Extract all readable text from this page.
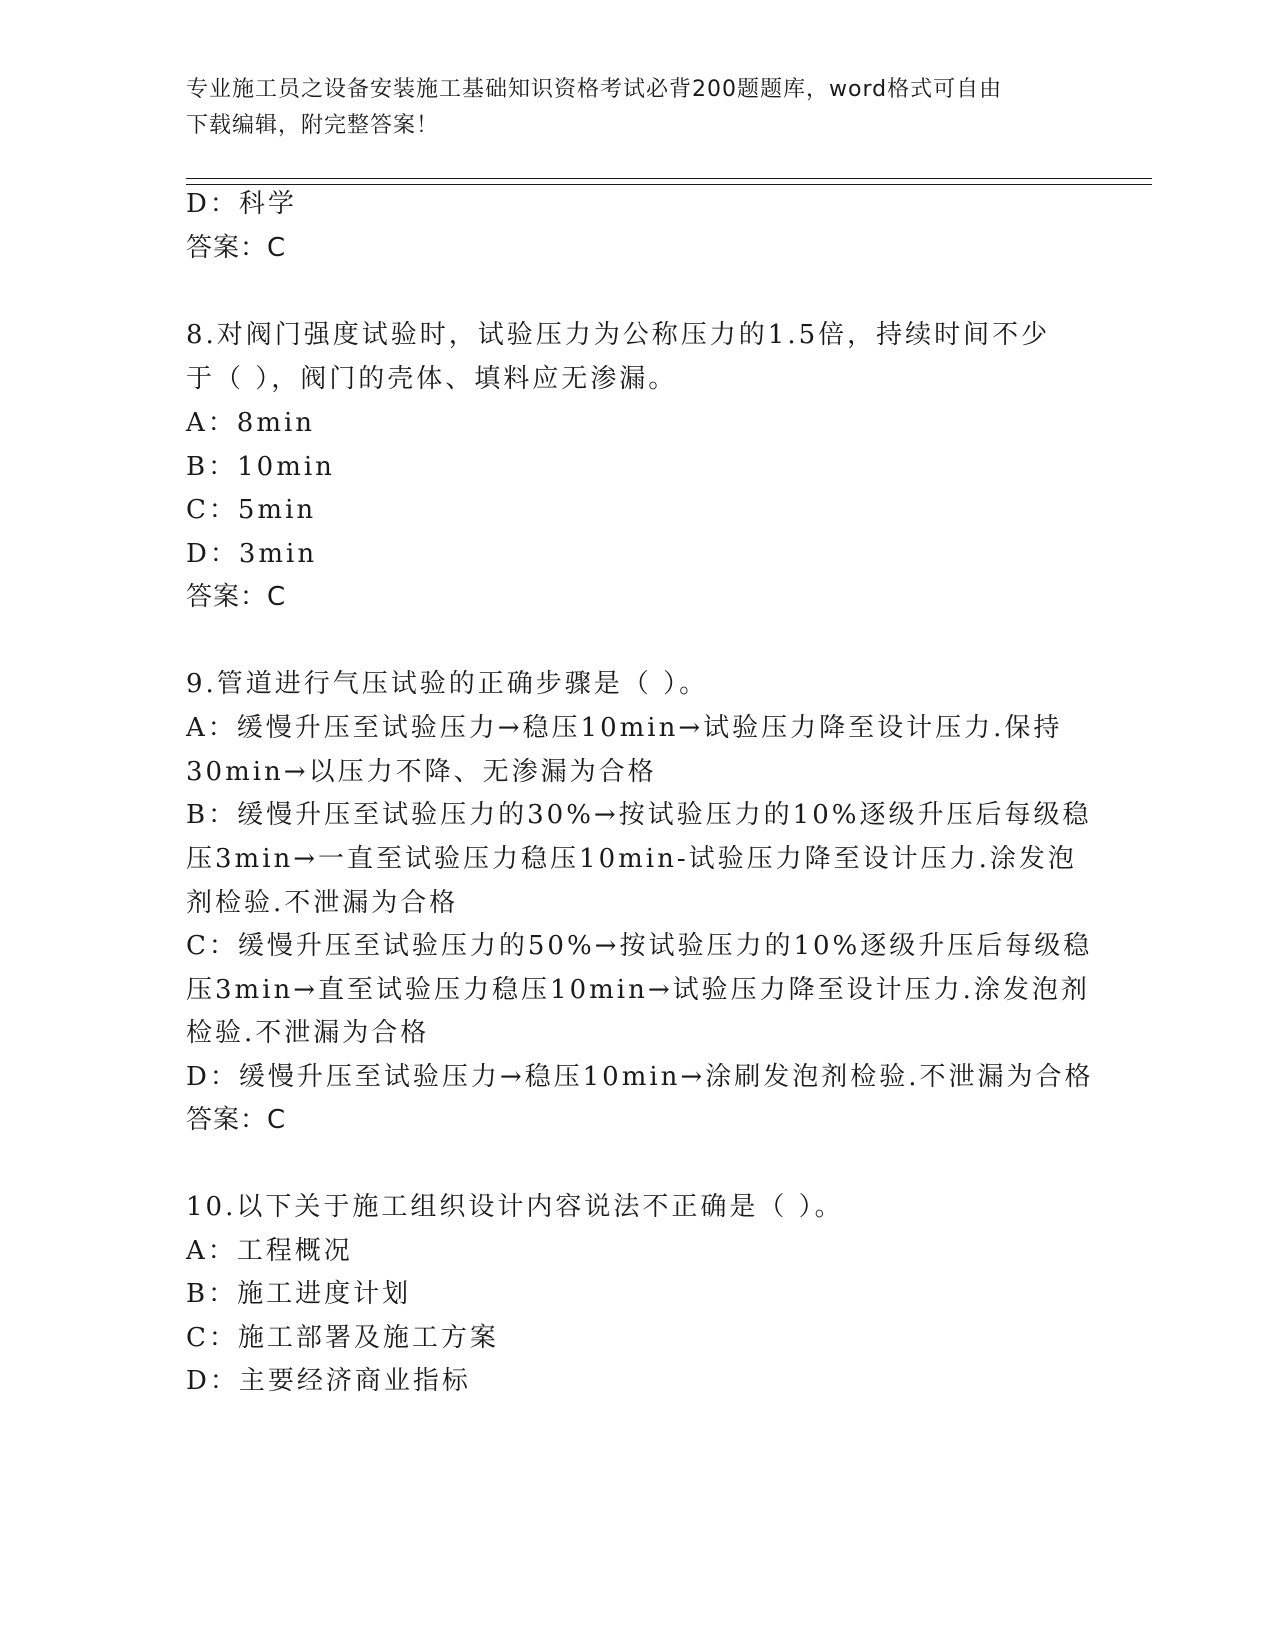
专业施工员之设备安装施工基础知识资格考试必背200题题库，word格式可自由
下载编辑，附完整答案！
D：科学
答案：C
8.对阀门强度试验时，试验压力为公称压力的1.5倍，持续时间不少
于（ ），阀门的壳体、填料应无渗漏。
A：8min
B：10min
C：5min
D：3min
答案：C
9.管道进行气压试验的正确步骤是（ ）。
A：缓慢升压至试验压力→稳压10min→试验压力降至设计压力.保持
30min→以压力不降、无渗漏为合格
B：缓慢升压至试验压力的30%→按试验压力的10%逐级升压后每级稳
压3min→一直至试验压力稳压10min-试验压力降至设计压力.涂发泡
剂检验.不泄漏为合格
C：缓慢升压至试验压力的50%→按试验压力的10%逐级升压后每级稳
压3min→直至试验压力稳压10min→试验压力降至设计压力.涂发泡剂
检验.不泄漏为合格
D：缓慢升压至试验压力→稳压10min→涂刷发泡剂检验.不泄漏为合格
答案：C
10.以下关于施工组织设计内容说法不正确是（ ）。
A：工程概况
B：施工进度计划
C：施工部署及施工方案
D：主要经济商业指标
